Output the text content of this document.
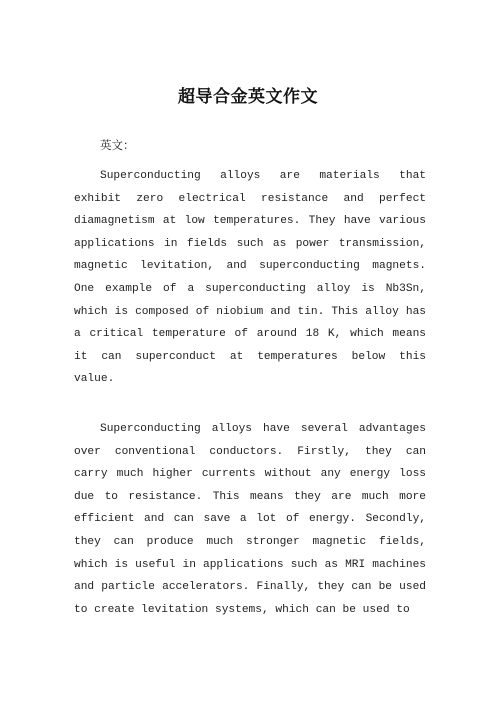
超导合金英文作文

英文：

Superconducting alloys are materials that exhibit zero electrical resistance and perfect diamagnetism at low temperatures. They have various applications in fields such as power transmission, magnetic levitation, and superconducting magnets. One example of a superconducting alloy is Nb3Sn, which is composed of niobium and tin. This alloy has a critical temperature of around 18 K, which means it can superconduct at temperatures below this value.

Superconducting alloys have several advantages over conventional conductors. Firstly, they can carry much higher currents without any energy loss due to resistance. This means they are much more efficient and can save a lot of energy. Secondly, they can produce much stronger magnetic fields, which is useful in applications such as MRI machines and particle accelerators. Finally, they can be used to create levitation systems, which can be used to
